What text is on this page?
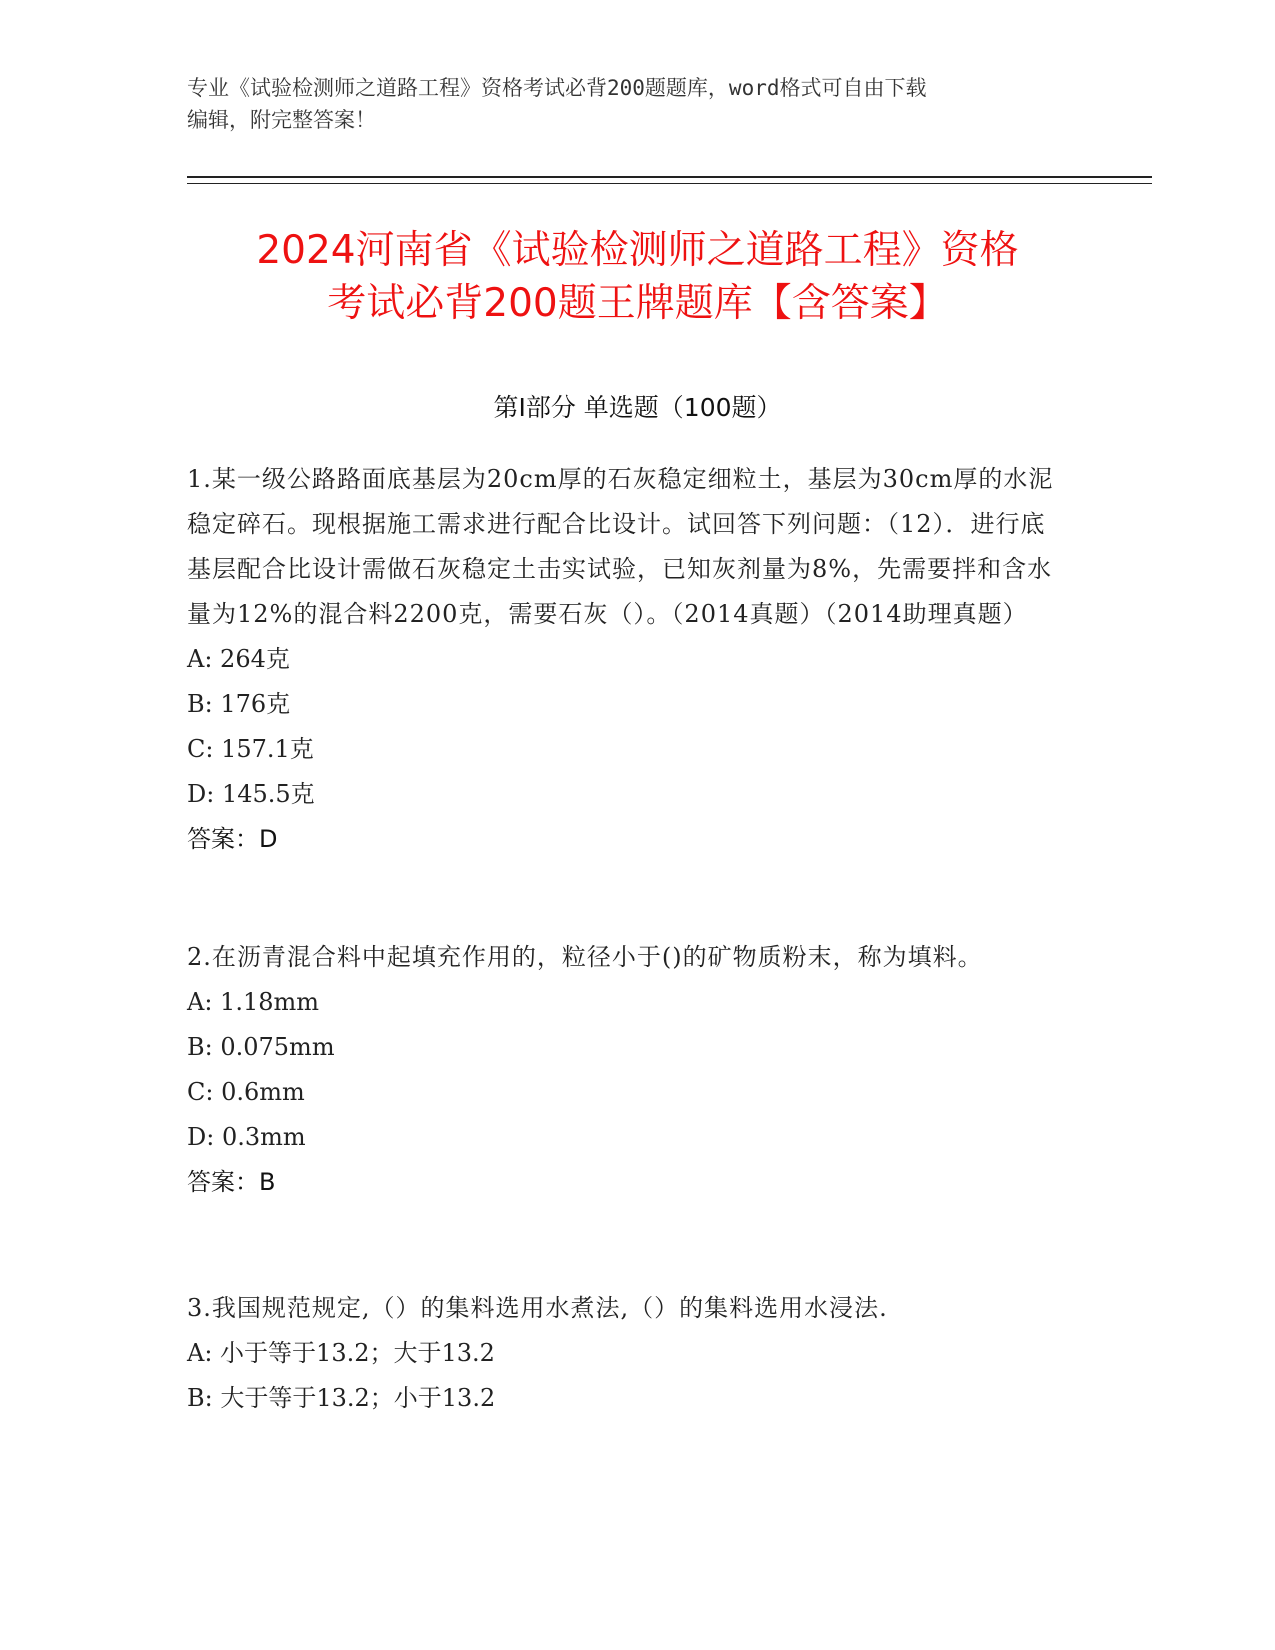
专业《试验检测师之道路工程》资格考试必背200题题库，word格式可自由下载
编辑，附完整答案！
2024河南省《试验检测师之道路工程》资格
考试必背200题王牌题库【含答案】
第Ⅰ部分 单选题（100题）
1.某一级公路路面底基层为20cm厚的石灰稳定细粒土，基层为30cm厚的水泥稳定碎石。现根据施工需求进行配合比设计。试回答下列问题：（12）．进行底基层配合比设计需做石灰稳定土击实试验，已知灰剂量为8%，先需要拌和含水量为12%的混合料2200克，需要石灰（）。（2014真题）（2014助理真题）
A: 264克
B: 176克
C: 157.1克
D: 145.5克
答案：D
2.在沥青混合料中起填充作用的，粒径小于()的矿物质粉末，称为填料。
A: 1.18mm
B: 0.075mm
C: 0.6mm
D: 0.3mm
答案：B
3.我国规范规定,（）的集料选用水煮法,（）的集料选用水浸法.
A: 小于等于13.2；大于13.2
B: 大于等于13.2；小于13.2
